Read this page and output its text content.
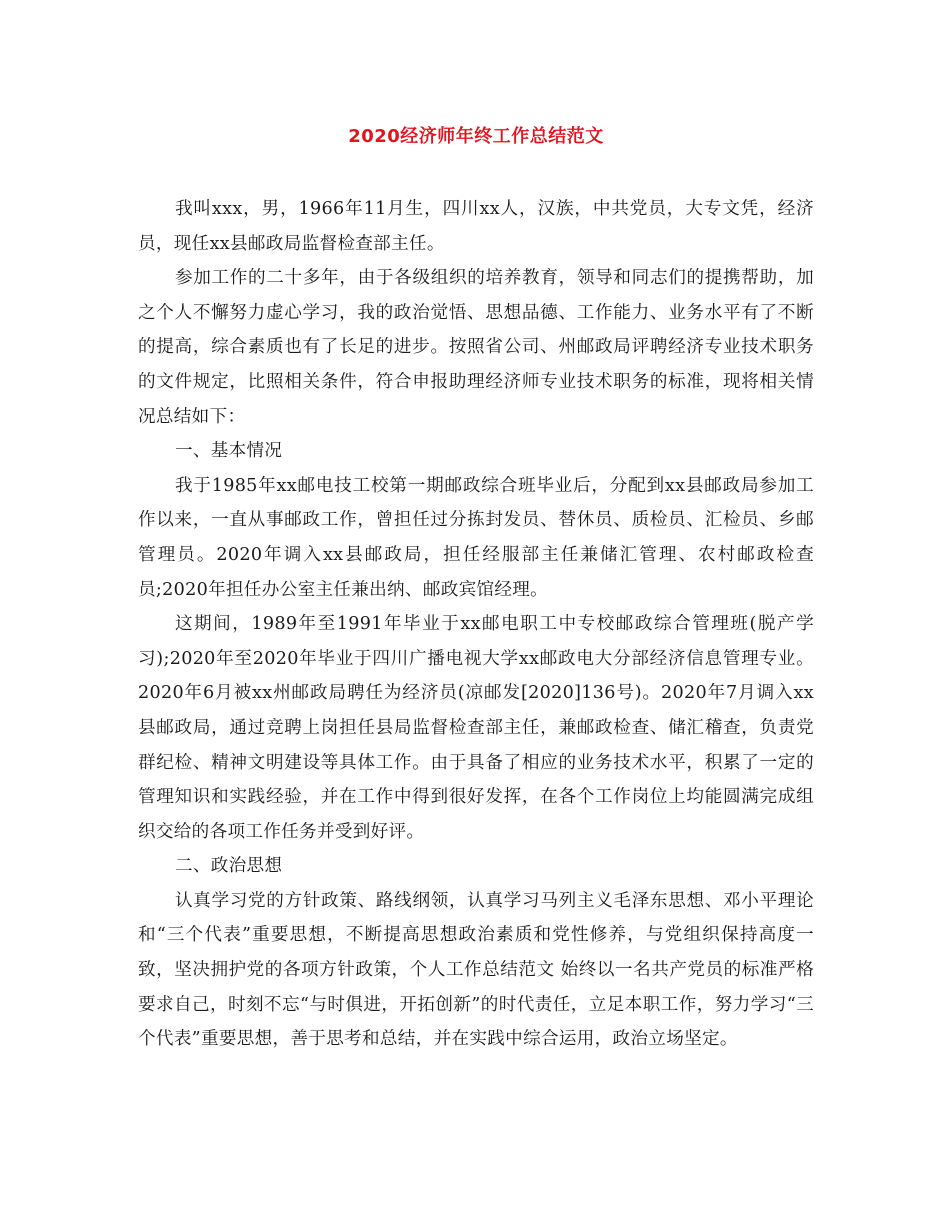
2020经济师年终工作总结范文

我叫xxx，男，1966年11月生，四川xx人，汉族，中共党员，大专文凭，经济员，现任xx县邮政局监督检查部主任。

参加工作的二十多年，由于各级组织的培养教育，领导和同志们的提携帮助，加之个人不懈努力虚心学习，我的政治觉悟、思想品德、工作能力、业务水平有了不断的提高，综合素质也有了长足的进步。按照省公司、州邮政局评聘经济专业技术职务的文件规定，比照相关条件，符合申报助理经济师专业技术职务的标准，现将相关情况总结如下：

一、基本情况

我于1985年xx邮电技工校第一期邮政综合班毕业后，分配到xx县邮政局参加工作以来，一直从事邮政工作，曾担任过分拣封发员、替休员、质检员、汇检员、乡邮管理员。2020年调入xx县邮政局，担任经服部主任兼储汇管理、农村邮政检查员;2020年担任办公室主任兼出纳、邮政宾馆经理。

这期间，1989年至1991年毕业于xx邮电职工中专校邮政综合管理班(脱产学习);2020年至2020年毕业于四川广播电视大学xx邮政电大分部经济信息管理专业。2020年6月被xx州邮政局聘任为经济员(凉邮发[2020]136号)。2020年7月调入xx县邮政局，通过竞聘上岗担任县局监督检查部主任，兼邮政检查、储汇稽查，负责党群纪检、精神文明建设等具体工作。由于具备了相应的业务技术水平，积累了一定的管理知识和实践经验，并在工作中得到很好发挥，在各个工作岗位上均能圆满完成组织交给的各项工作任务并受到好评。

二、政治思想

认真学习党的方针政策、路线纲领，认真学习马列主义毛泽东思想、邓小平理论和“三个代表”重要思想，不断提高思想政治素质和党性修养，与党组织保持高度一致，坚决拥护党的各项方针政策，个人工作总结范文 始终以一名共产党员的标准严格要求自己，时刻不忘“与时俱进，开拓创新”的时代责任，立足本职工作，努力学习“三个代表”重要思想，善于思考和总结，并在实践中综合运用，政治立场坚定。
